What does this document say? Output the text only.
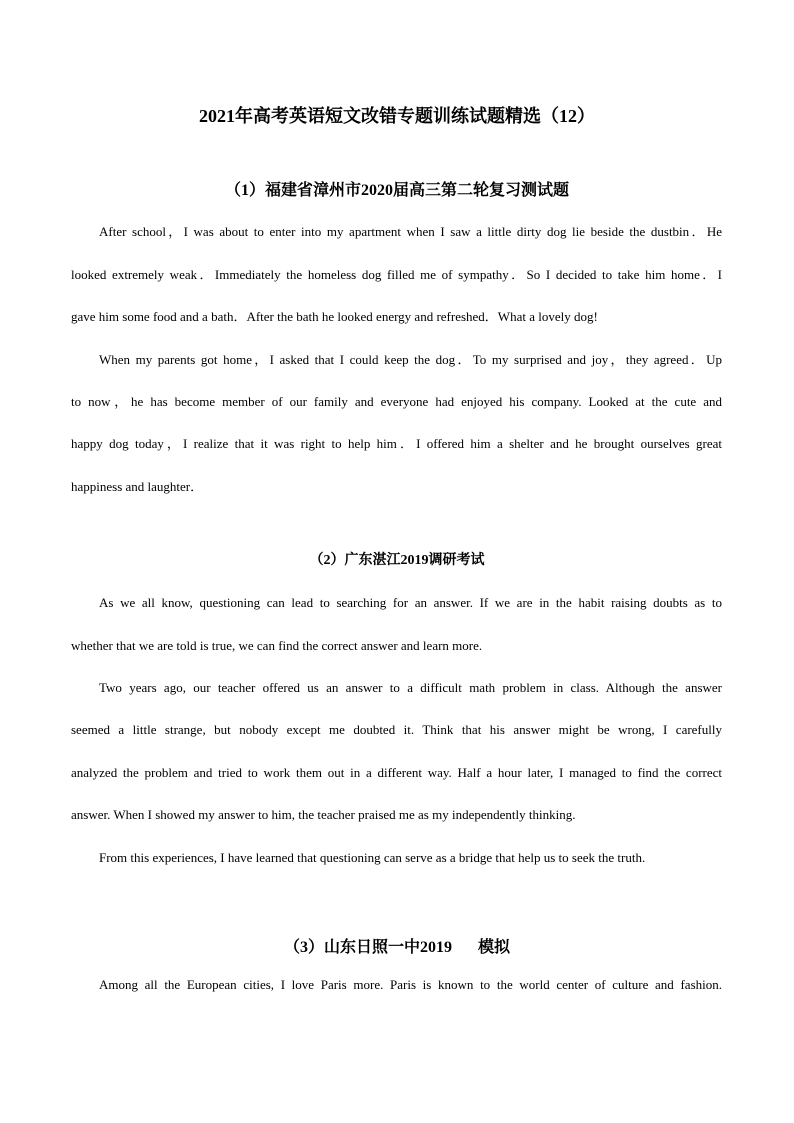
2021年高考英语短文改错专题训练试题精选（12）
（1）福建省漳州市2020届高三第二轮复习测试题
After school，I was about to enter into my apartment when I saw a little dirty dog lie beside the dustbin．He
looked extremely weak．Immediately the homeless dog filled me of sympathy．So I decided to take him home．I
gave him some food and a bath．After the bath he looked energy and refreshed．What a lovely dog!
When my parents got home，I asked that I could keep the dog．To my surprised and joy，they agreed．Up
to now，he has become member of our family and everyone had enjoyed his company. Looked at the cute and
happy dog today，I realize that it was right to help him．I offered him a shelter and he brought ourselves great
happiness and laughter．
（2）广东湛江2019调研考试
As we all know, questioning can lead to searching for an answer. If we are in the habit raising doubts as to
whether that we are told is true, we can find the correct answer and learn more.
Two years ago, our teacher offered us an answer to a difficult math problem in class. Although the answer
seemed a little strange, but nobody except me doubted it. Think that his answer might be wrong, I carefully
analyzed the problem and tried to work them out in a different way. Half a hour later, I managed to find the correct
answer. When I showed my answer to him, the teacher praised me as my independently thinking.
From this experiences, I have learned that questioning can serve as a bridge that help us to seek the truth.
（3）山东日照一中2019 模拟
Among all the European cities, I love Paris more. Paris is known to the world center of culture and fashion.
